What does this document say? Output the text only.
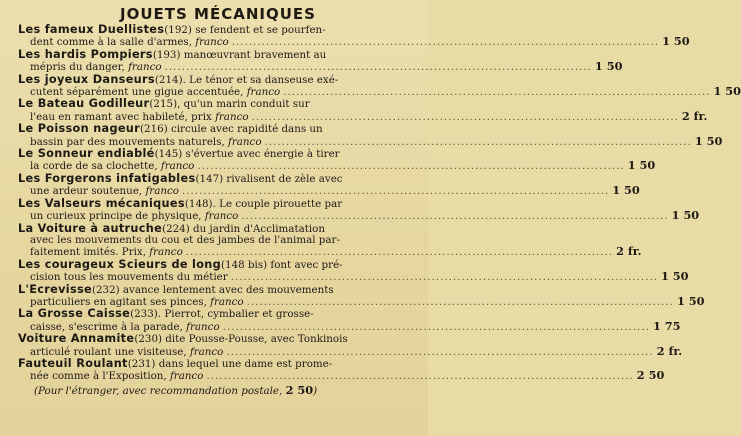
JOUETS MÉCANIQUES
Les fameux Duellistes (192) se fendent et se pourfen-
dent comme à la salle d'armes,
franco .....	1 50
Les hardis Pompiers (193) manœuvrant bravement au
mépris du danger,
franco .....	1 50
Les joyeux Danseurs (214). Le ténor et sa danseuse exé-
cutent séparément une gigue accentuée,
franco .....	1 50
Le Bateau Godilleur (215), qu'un marin conduit sur
l'eau en ramant avec habileté, prix
franco .....	2 fr.
Le Poisson nageur (216) circule avec rapidité dans un
bassin par des mouvements naturels,
franco .....	1 50
Le Sonneur endiablé (145) s'évertue avec énergie à tirer
la corde de sa clochette,
franco .....	1 50
Les Forgerons infatigables (147) rivalisent de zèle avec
une ardeur soutenue,
franco .....	1 50
Les Valseurs mécaniques (148). Le couple pirouette par
un curieux principe de physique,
franco .....	1 50
La Voiture à autruche (224) du jardin d'Acclimatation
avec les mouvements du cou et des jambes de l'animal par-
faitement imités. Prix,
franco .....	2 fr.
Les courageux Scieurs de long (148 bis) font avec pré-
cision tous les mouvements du métier .....	1 50
L'Ecrevisse (232) avance lentement avec des mouvements
particuliers en agitant ses pinces,
franco .....	1 50
La Grosse Caisse (233). Pierrot, cymbalier et grosse-
caisse, s'escrime à la parade,
franco .....	1 75
Voiture Annamite (230) dite Pousse-Pousse, avec Tonkinois
articulé roulant une visiteuse,
franco .....	2 fr.
Fauteuil Roulant (231) dans lequel une dame est prome-
née comme à l'Exposition,
franco .....	2 50
(Pour l'étranger, avec recommandation postale, 2 50)
